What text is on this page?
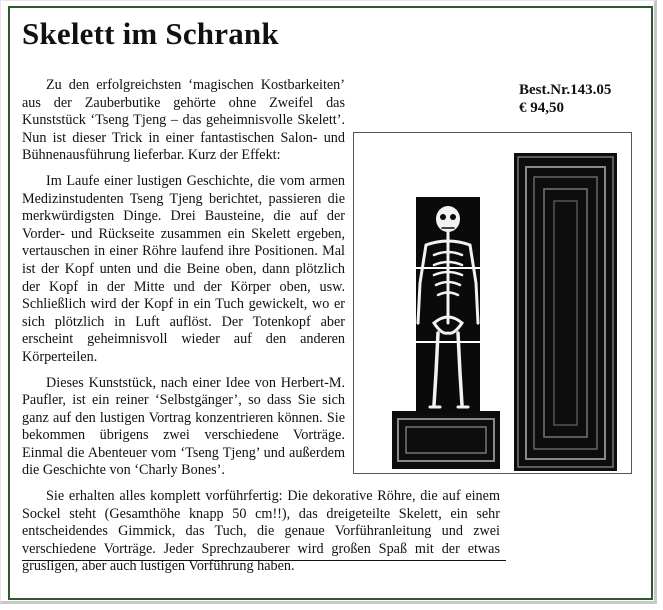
Skelett im Schrank
Best.Nr.143.05
€ 94,50

Zu den erfolgreichsten ‘magischen Kostbarkeiten’ aus der Zauberbutike gehörte ohne Zweifel das Kunststück ‘Tseng Tjeng – das geheimnisvolle Skelett’. Nun ist dieser Trick in einer fantastischen Salon- und Bühnenausführung lieferbar. Kurz der Effekt:

Im Laufe einer lustigen Geschichte, die vom armen Medizinstudenten Tseng Tjeng berichtet, passieren die merkwürdigsten Dinge. Drei Bausteine, die auf der Vorder- und Rückseite zusammen ein Skelett ergeben, vertauschen in einer Röhre laufend ihre Positionen. Mal ist der Kopf unten und die Beine oben, dann plötzlich der Kopf in der Mitte und der Körper oben, usw. Schließlich wird der Kopf in ein Tuch gewickelt, wo er sich plötzlich in Luft auflöst. Der Totenkopf aber erscheint geheimnisvoll wieder auf den anderen Körperteilen.

Dieses Kunststück, nach einer Idee von Herbert-M. Paufler, ist ein reiner ‘Selbstgänger’, so dass Sie sich ganz auf den lustigen Vortrag konzentrieren können. Sie bekommen übrigens zwei verschiedene Vorträge. Einmal die Abenteuer vom ‘Tseng Tjeng’ und außerdem die Geschichte von ‘Charly Bones’.

Sie erhalten alles komplett vorführfertig: Die dekorative Röhre, die auf einem Sockel steht (Gesamthöhe knapp 50 cm!!), das dreigeteilte Skelett, ein sehr entscheidendes Gimmick, das Tuch, die genaue Vorführanleitung und zwei verschiedene Vorträge. Jeder Sprechzauberer wird großen Spaß mit der etwas grusligen, aber auch lustigen Vorführung haben.
